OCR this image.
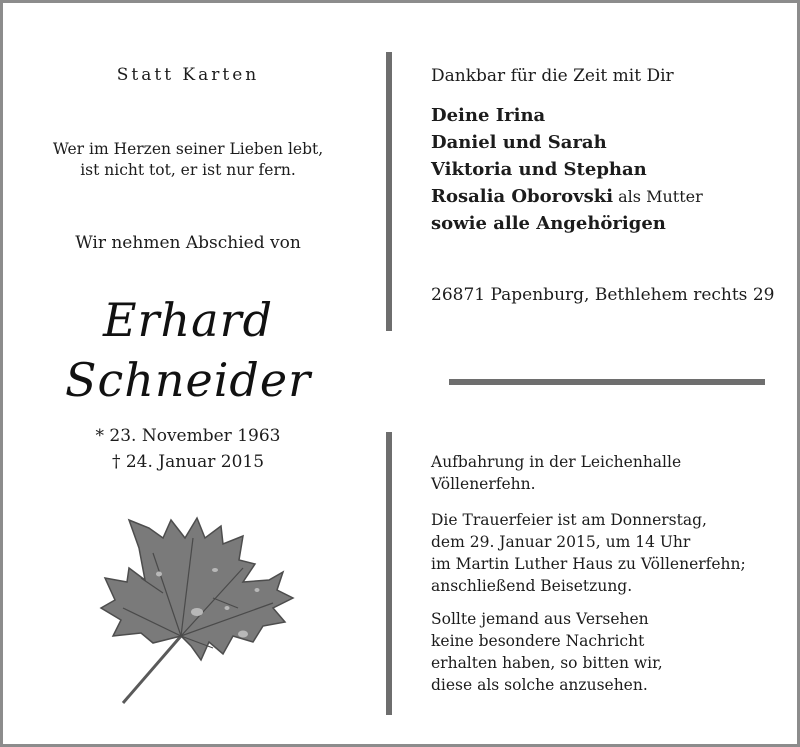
Statt Karten
Wer im Herzen seiner Lieben lebt,
ist nicht tot, er ist nur fern.
Wir nehmen Abschied von
Erhard
Schneider
* 23. November 1963
† 24. Januar 2015
Dankbar für die Zeit mit Dir
Deine Irina
Daniel und Sarah
Viktoria und Stephan
Rosalia Oborovski als Mutter
sowie alle Angehörigen
26871 Papenburg, Bethlehem rechts 29
Aufbahrung in der Leichenhalle
Völlenerfehn.
Die Trauerfeier ist am Donnerstag,
dem 29. Januar 2015, um 14 Uhr
im Martin Luther Haus zu Völlenerfehn;
anschließend Beisetzung.
Sollte jemand aus Versehen
keine besondere Nachricht
erhalten haben, so bitten wir,
diese als solche anzusehen.
